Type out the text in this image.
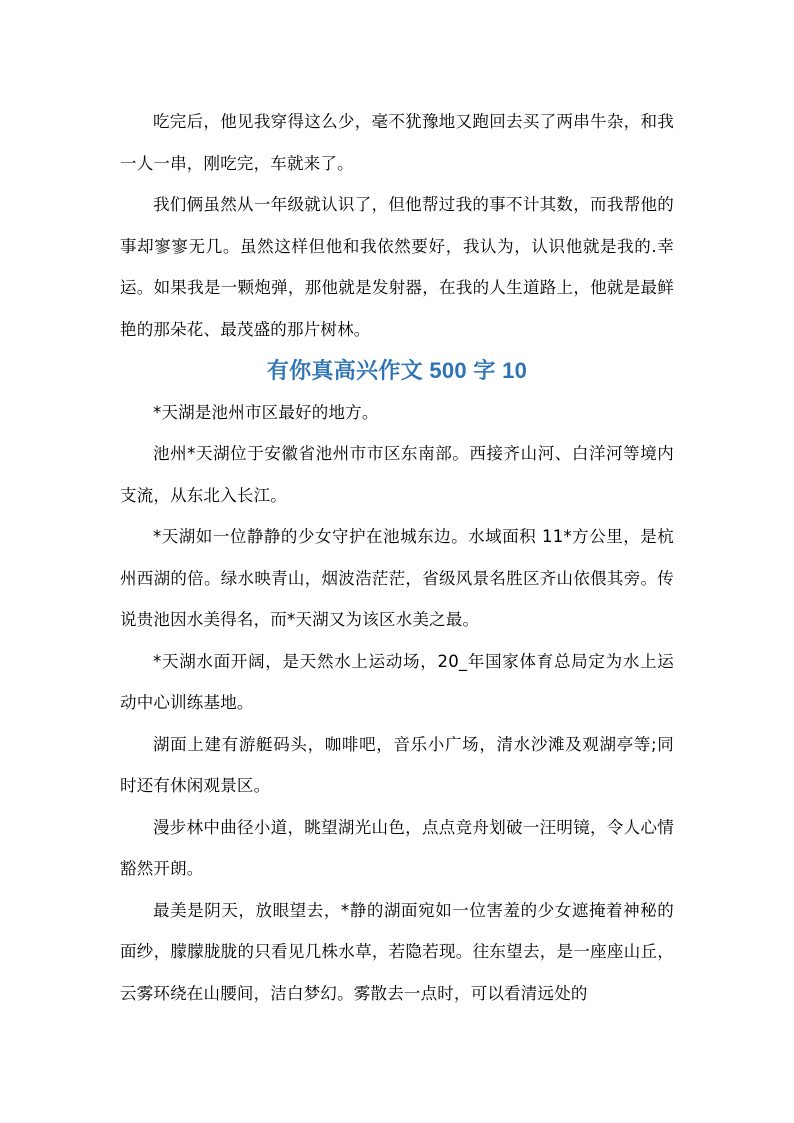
吃完后，他见我穿得这么少，毫不犹豫地又跑回去买了两串牛杂，和我一人一串，刚吃完，车就来了。

我们俩虽然从一年级就认识了，但他帮过我的事不计其数，而我帮他的事却寥寥无几。虽然这样但他和我依然要好，我认为，认识他就是我的.幸运。如果我是一颗炮弹，那他就是发射器，在我的人生道路上，他就是最鲜艳的那朵花、最茂盛的那片树林。

有你真高兴作文 500 字 10

*天湖是池州市区最好的地方。

池州*天湖位于安徽省池州市市区东南部。西接齐山河、白洋河等境内支流，从东北入长江。

*天湖如一位静静的少女守护在池城东边。水域面积 11*方公里，是杭州西湖的倍。绿水映青山，烟波浩茫茫，省级风景名胜区齐山依偎其旁。传说贵池因水美得名，而*天湖又为该区水美之最。

*天湖水面开阔，是天然水上运动场，20_年国家体育总局定为水上运动中心训练基地。

湖面上建有游艇码头，咖啡吧，音乐小广场，清水沙滩及观湖亭等;同时还有休闲观景区。

漫步林中曲径小道，眺望湖光山色，点点竞舟划破一汪明镜，令人心情豁然开朗。

最美是阴天，放眼望去，*静的湖面宛如一位害羞的少女遮掩着神秘的面纱，朦朦胧胧的只看见几株水草，若隐若现。往东望去，是一座座山丘，云雾环绕在山腰间，洁白梦幻。雾散去一点时，可以看清远处的
